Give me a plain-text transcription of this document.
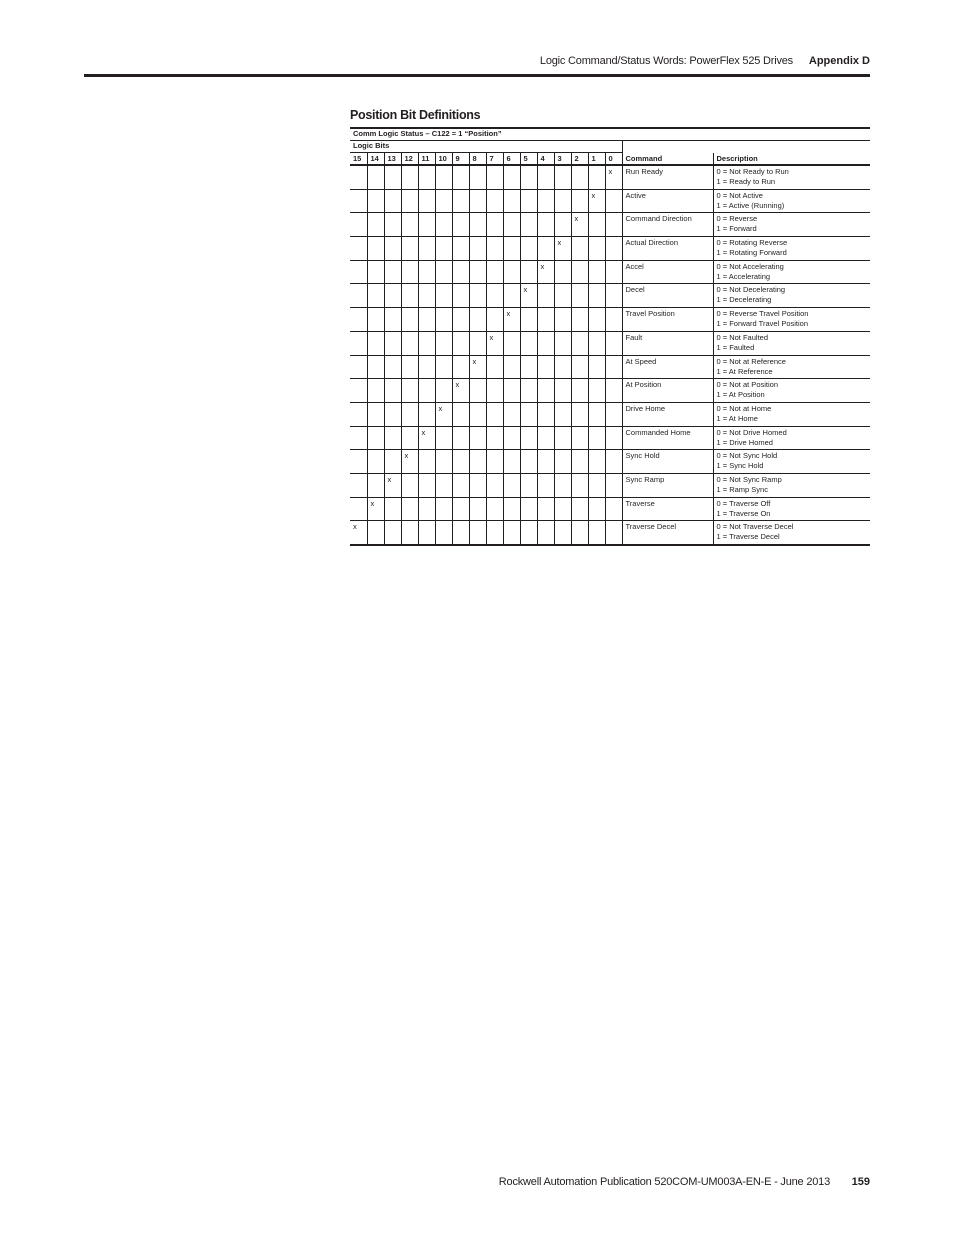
Logic Command/Status Words: PowerFlex 525 Drives Appendix D
Position Bit Definitions
Comm Logic Status – C122 = 1 “Position”																	
Logic Bits																	
15	14	13	12	11	10	9	8	7	6	5	4	3	2	1	0	Command	Description
															x	Run Ready	0 = Not Ready to Run
1 = Ready to Run

														x		Active	0 = Not Active
1 = Active (Running)

													x			Command Direction	0 = Reverse
1 = Forward

												x				Actual Direction	0 = Rotating Reverse
1 = Rotating Forward

											x					Accel	0 = Not Accelerating
1 = Accelerating

										x						Decel	0 = Not Decelerating
1 = Decelerating

									x							Travel Position	0 = Reverse Travel Position
1 = Forward Travel Position

								x								Fault	0 = Not Faulted
1 = Faulted

							x									At Speed	0 = Not at Reference
1 = At Reference

						x										At Position	0 = Not at Position
1 = At Position

					x											Drive Home	0 = Not at Home
1 = At Home

				x												Commanded Home	0 = Not Drive Homed
1 = Drive Homed

			x													Sync Hold	0 = Not Sync Hold
1 = Sync Hold

		x														Sync Ramp	0 = Not Sync Ramp
1 = Ramp Sync

	x															Traverse	0 = Traverse Off
1 = Traverse On

x																Traverse Decel	0 = Not Traverse Decel
1 = Traverse Decel
Rockwell Automation Publication 520COM-UM003A-EN-E - June 2013 159
